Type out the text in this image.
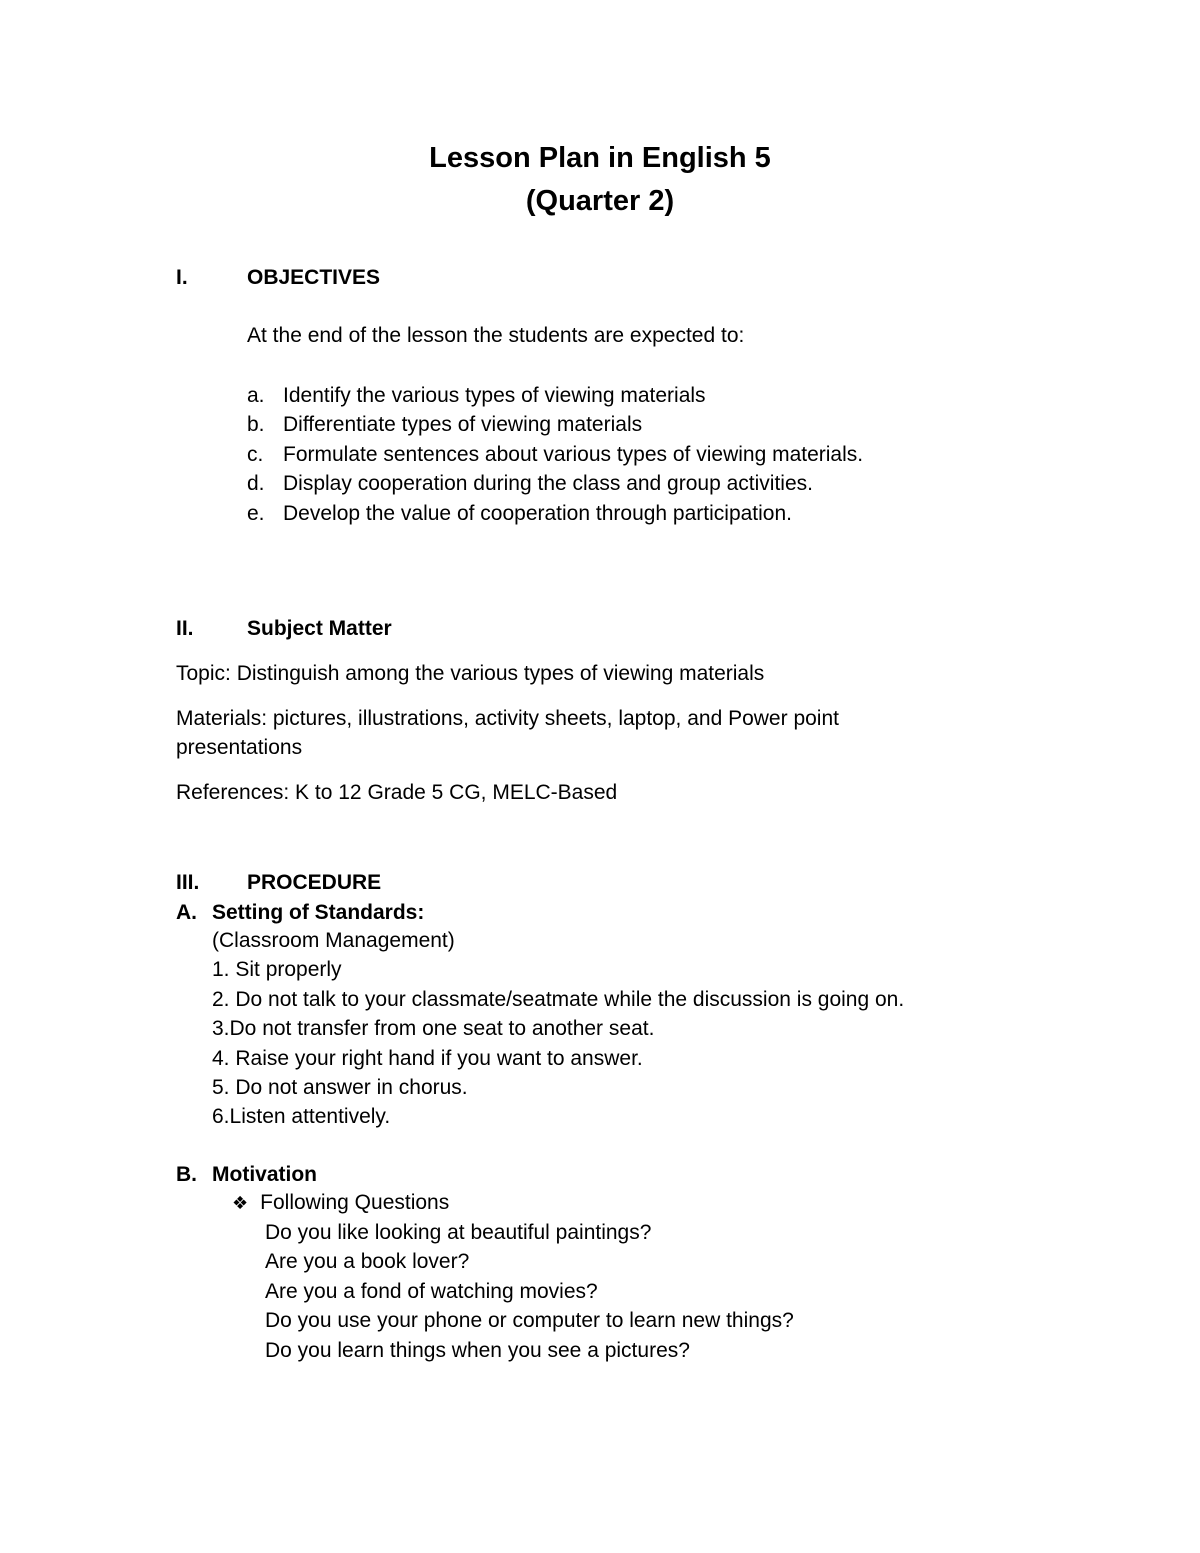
Lesson Plan in English 5
(Quarter 2)
I.	OBJECTIVES
At the end of the lesson the students are expected to:
a. Identify the various types of viewing materials
b. Differentiate types of viewing materials
c. Formulate sentences about various types of viewing materials.
d. Display cooperation during the class and group activities.
e. Develop the value of cooperation through participation.
II.	Subject Matter
Topic: Distinguish among the various types of viewing materials
Materials: pictures, illustrations, activity sheets, laptop, and Power point
presentations
References: K to 12 Grade 5 CG, MELC-Based
III. PROCEDURE
A. Setting of Standards:
(Classroom Management)
1. Sit properly
2. Do not talk to your classmate/seatmate while the discussion is going on.
3.Do not transfer from one seat to another seat.
4. Raise your right hand if you want to answer.
5. Do not answer in chorus.
6.Listen attentively.
B. Motivation
❖ Following Questions
Do you like looking at beautiful paintings?
Are you a book lover?
Are you a fond of watching movies?
Do you use your phone or computer to learn new things?
Do you learn things when you see a pictures?
